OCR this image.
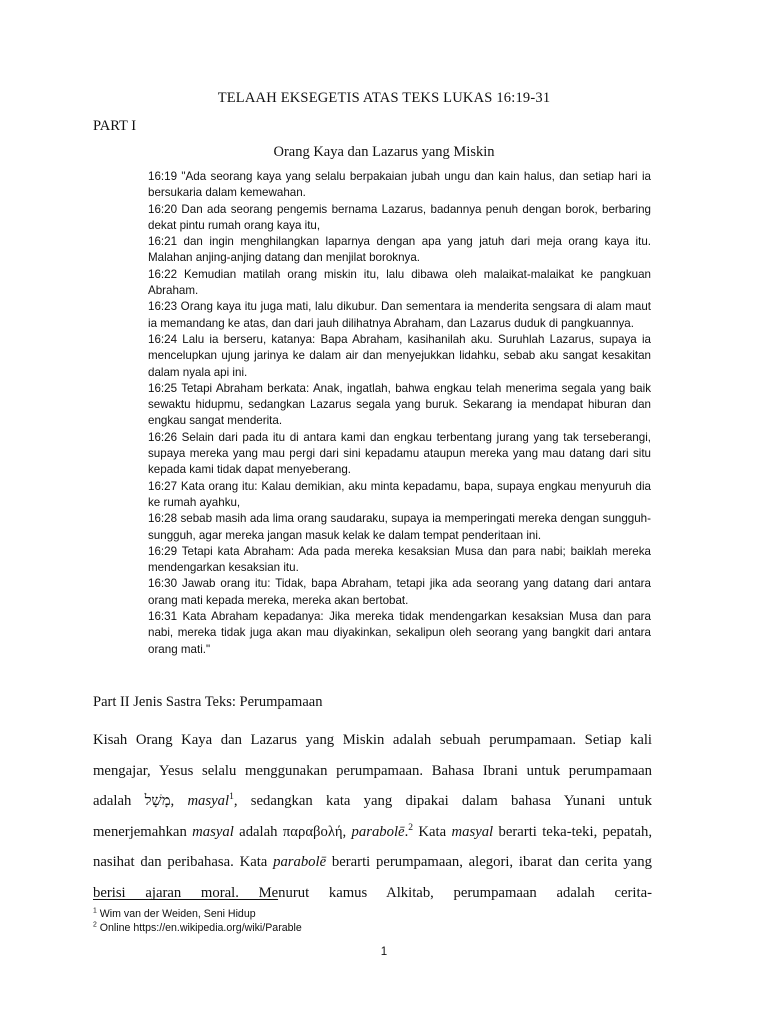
TELAAH EKSEGETIS ATAS TEKS LUKAS 16:19-31
PART I
Orang Kaya dan Lazarus yang Miskin

16:19 "Ada seorang kaya yang selalu berpakaian jubah ungu dan kain halus, dan setiap hari ia bersukaria dalam kemewahan.

16:20 Dan ada seorang pengemis bernama Lazarus, badannya penuh dengan borok, berbaring dekat pintu rumah orang kaya itu,

16:21 dan ingin menghilangkan laparnya dengan apa yang jatuh dari meja orang kaya itu. Malahan anjing-anjing datang dan menjilat boroknya.

16:22 Kemudian matilah orang miskin itu, lalu dibawa oleh malaikat-malaikat ke pangkuan Abraham.

16:23 Orang kaya itu juga mati, lalu dikubur. Dan sementara ia menderita sengsara di alam maut ia memandang ke atas, dan dari jauh dilihatnya Abraham, dan Lazarus duduk di pangkuannya.

16:24 Lalu ia berseru, katanya: Bapa Abraham, kasihanilah aku. Suruhlah Lazarus, supaya ia mencelupkan ujung jarinya ke dalam air dan menyejukkan lidahku, sebab aku sangat kesakitan dalam nyala api ini.

16:25 Tetapi Abraham berkata: Anak, ingatlah, bahwa engkau telah menerima segala yang baik sewaktu hidupmu, sedangkan Lazarus segala yang buruk. Sekarang ia mendapat hiburan dan engkau sangat menderita.

16:26 Selain dari pada itu di antara kami dan engkau terbentang jurang yang tak terseberangi, supaya mereka yang mau pergi dari sini kepadamu ataupun mereka yang mau datang dari situ kepada kami tidak dapat menyeberang.

16:27 Kata orang itu: Kalau demikian, aku minta kepadamu, bapa, supaya engkau menyuruh dia ke rumah ayahku,

16:28 sebab masih ada lima orang saudaraku, supaya ia memperingati mereka dengan sungguh-sungguh, agar mereka jangan masuk kelak ke dalam tempat penderitaan ini.

16:29 Tetapi kata Abraham: Ada pada mereka kesaksian Musa dan para nabi; baiklah mereka mendengarkan kesaksian itu.

16:30 Jawab orang itu: Tidak, bapa Abraham, tetapi jika ada seorang yang datang dari antara orang mati kepada mereka, mereka akan bertobat.

16:31 Kata Abraham kepadanya: Jika mereka tidak mendengarkan kesaksian Musa dan para nabi, mereka tidak juga akan mau diyakinkan, sekalipun oleh seorang yang bangkit dari antara orang mati."

Part II Jenis Sastra Teks: Perumpamaan

Kisah Orang Kaya dan Lazarus yang Miskin adalah sebuah perumpamaan. Setiap kali mengajar, Yesus selalu menggunakan perumpamaan. Bahasa Ibrani untuk perumpamaan adalah מָשָׁל, masyal$^1$, sedangkan kata yang dipakai dalam bahasa Yunani untuk menerjemahkan masyal adalah παραβολή, parabolē.$^2$ Kata masyal berarti teka-teki, pepatah, nasihat dan peribahasa. Kata parabolē berarti perumpamaan, alegori, ibarat dan cerita yang berisi ajaran moral. Menurut kamus Alkitab, perumpamaan adalah cerita-

$^1$ Wim van der Weiden, Seni Hidup
$^2$ Online https://en.wikipedia.org/wiki/Parable
1
